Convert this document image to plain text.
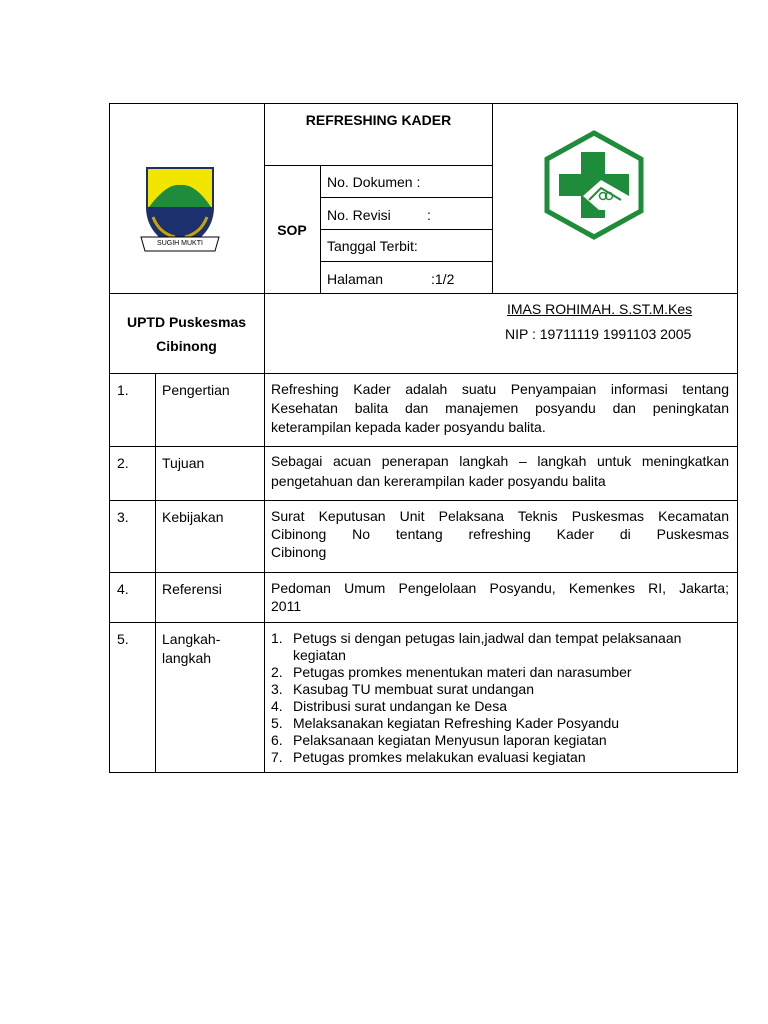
SUGIH MUKTI
REFRESHING KADER
SOP
No. Dokumen :
No. Revisi	:
Tanggal Terbit:
Halaman	:1/2
UPTD Puskesmas
Cibinong
IMAS ROHIMAH. S.ST.M.Kes
NIP : 19711119 1991103 2005
1. Pengertian	Refreshing Kader adalah suatu Penyampaian informasi tentang
Kesehatan balita dan manajemen posyandu dan peningkatan
keterampilan kepada kader posyandu balita.
2. Tujuan	Sebagai acuan penerapan langkah – langkah untuk meningkatkan
pengetahuan dan kererampilan kader posyandu balita
3. Kebijakan	Surat Keputusan Unit Pelaksana Teknis Puskesmas Kecamatan
Cibinong No tentang refreshing Kader di Puskesmas
Cibinong
4. Referensi	Pedoman Umum Pengelolaan Posyandu, Kemenkes RI, Jakarta;
2011
5. Langkah-
langkah
1. Petugs si dengan petugas lain,jadwal dan tempat pelaksanaan kegiatan
2. Petugas promkes menentukan materi dan narasumber
3. Kasubag TU membuat surat undangan
4. Distribusi surat undangan ke Desa
5. Melaksanakan kegiatan Refreshing Kader Posyandu
6. Pelaksanaan kegiatan Menyusun laporan kegiatan
7. Petugas promkes melakukan evaluasi kegiatan
